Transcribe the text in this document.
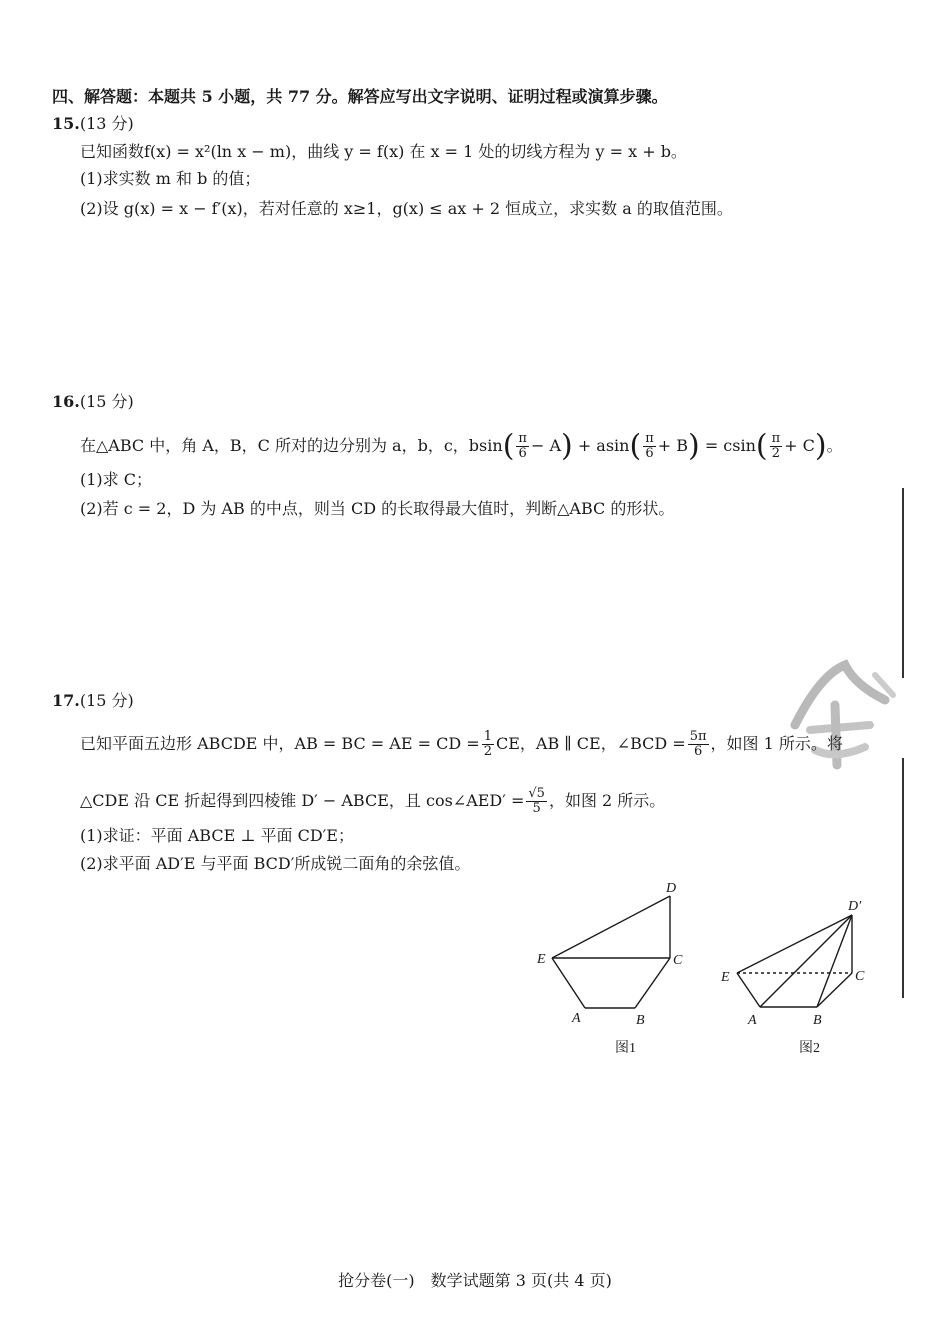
四、解答题：本题共 5 小题，共 77 分。解答应写出文字说明、证明过程或演算步骤。
15.(13 分)
已知函数f(x) = x²(ln x − m)，曲线 y = f(x) 在 x = 1 处的切线方程为 y = x + b。
(1)求实数 m 和 b 的值；
(2)设 g(x) = x − f′(x)，若对任意的 x≥1，g(x) ≤ ax + 2 恒成立，求实数 a 的取值范围。
16.(15 分)
在△ABC 中，角 A，B，C 所对的边分别为 a，b，c，$bsin( \frac{\pi}{6} - A) + asin( \frac{\pi}{6} + B) = csin( \frac{\pi}{2} + C)$。
(1)求 C；
(2)若 c = 2，D 为 AB 的中点，则当 CD 的长取得最大值时，判断△ABC 的形状。
17.(15 分)
已知平面五边形 ABCDE 中，AB = BC = AE = CD = $\frac{1}{2}$ CE，AB ∥ CE，∠BCD = $\frac{5\pi}{6}$ ，如图 1 所示。将
△CDE 沿 CE 折起得到四棱锥 D′ − ABCE，且 cos∠AED′ = $\frac{√5}{5}$ ，如图 2 所示。
(1)求证：平面 ABCE ⊥ 平面 CD′E；
(2)求平面 AD′E 与平面 BCD′所成锐二面角的余弦值。
D
E	C
A	B
图1
D′
E	C
A	B
图2
抢分卷(一)　数学试题第 3 页(共 4 页)
